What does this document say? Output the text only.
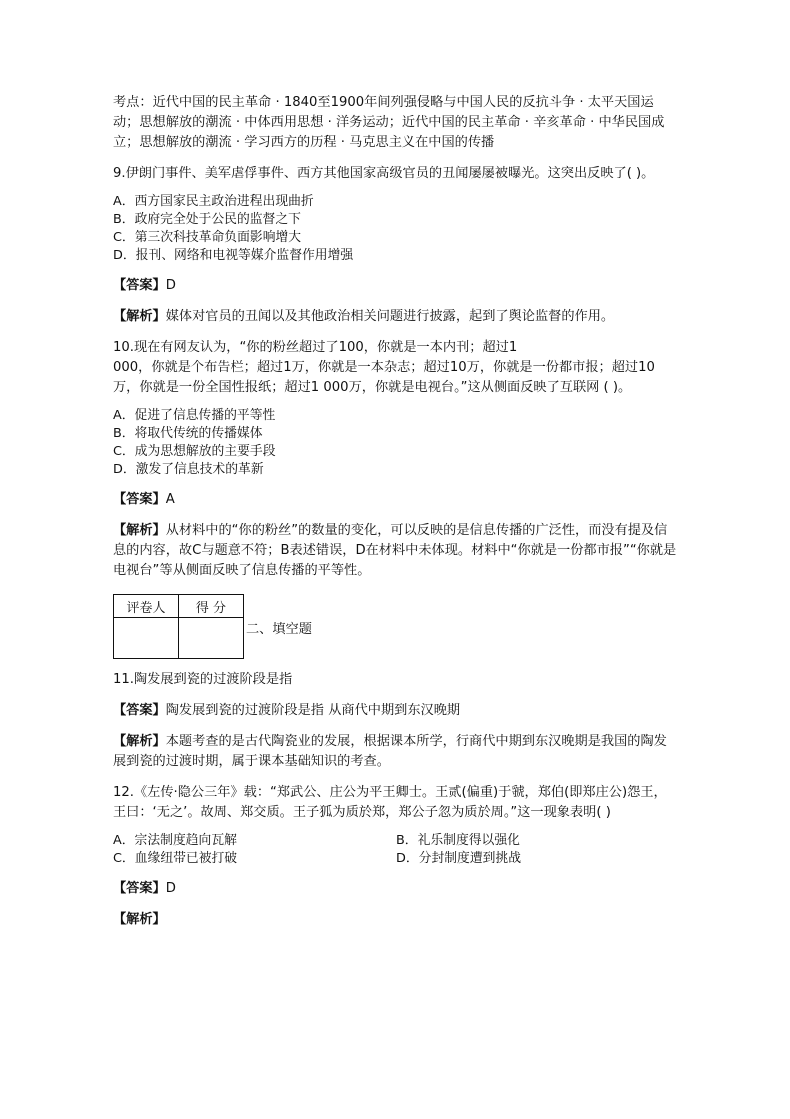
考点：近代中国的民主革命 · 1840至1900年间列强侵略与中国人民的反抗斗争 · 太平天国运动；思想解放的潮流 · 中体西用思想 · 洋务运动；近代中国的民主革命 · 辛亥革命 · 中华民国成立；思想解放的潮流 · 学习西方的历程 · 马克思主义在中国的传播

9.伊朗门事件、美军虐俘事件、西方其他国家高级官员的丑闻屡屡被曝光。这突出反映了( )。

A．西方国家民主政治进程出现曲折

B．政府完全处于公民的监督之下

C．第三次科技革命负面影响增大

D．报刊、网络和电视等媒介监督作用增强

【答案】D

【解析】媒体对官员的丑闻以及其他政治相关问题进行披露，起到了舆论监督的作用。

10.现在有网友认为，“你的粉丝超过了100，你就是一本内刊；超过1

000，你就是个布告栏；超过1万，你就是一本杂志；超过10万，你就是一份都市报；超过10万，你就是一份全国性报纸；超过1 000万，你就是电视台。”这从侧面反映了互联网 ( )。

A．促进了信息传播的平等性

B．将取代传统的传播媒体

C．成为思想解放的主要手段

D．激发了信息技术的革新

【答案】A

【解析】从材料中的“你的粉丝”的数量的变化，可以反映的是信息传播的广泛性，而没有提及信息的内容，故C与题意不符；B表述错误，D在材料中未体现。材料中“你就是一份都市报”“你就是电视台”等从侧面反映了信息传播的平等性。

评卷人	得 分

二、填空题

11.陶发展到瓷的过渡阶段是指

【答案】陶发展到瓷的过渡阶段是指 从商代中期到东汉晚期

【解析】本题考查的是古代陶瓷业的发展，根据课本所学，行商代中期到东汉晚期是我国的陶发展到瓷的过渡时期，属于课本基础知识的考查。

12.《左传·隐公三年》载：“郑武公、庄公为平王卿士。王贰(偏重)于虢，郑伯(即郑庄公)怨王，王曰：‘无之’。故周、郑交质。王子狐为质於郑，郑公子忽为质於周。”这一现象表明( )

A．宗法制度趋向瓦解	B．礼乐制度得以强化
C．血缘纽带已被打破	D．分封制度遭到挑战

【答案】D

【解析】
